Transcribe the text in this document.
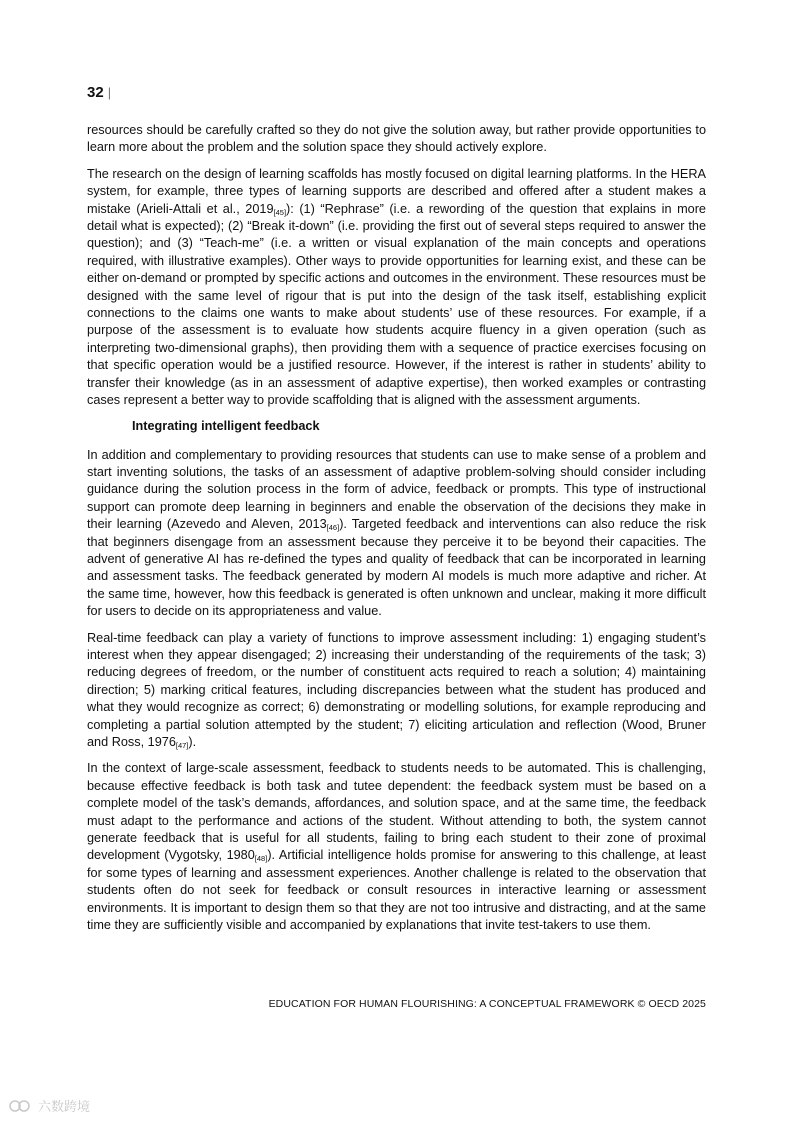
32 |

resources should be carefully crafted so they do not give the solution away, but rather provide opportunities to learn more about the problem and the solution space they should actively explore.

The research on the design of learning scaffolds has mostly focused on digital learning platforms. In the HERA system, for example, three types of learning supports are described and offered after a student makes a mistake (Arieli-Attali et al., $2019_{[45]}$): (1) “Rephrase” (i.e. a rewording of the question that explains in more detail what is expected); (2) “Break it-down” (i.e. providing the first out of several steps required to answer the question); and (3) “Teach-me” (i.e. a written or visual explanation of the main concepts and operations required, with illustrative examples). Other ways to provide opportunities for learning exist, and these can be either on-demand or prompted by specific actions and outcomes in the environment. These resources must be designed with the same level of rigour that is put into the design of the task itself, establishing explicit connections to the claims one wants to make about students’ use of these resources. For example, if a purpose of the assessment is to evaluate how students acquire fluency in a given operation (such as interpreting two-dimensional graphs), then providing them with a sequence of practice exercises focusing on that specific operation would be a justified resource. However, if the interest is rather in students’ ability to transfer their knowledge (as in an assessment of adaptive expertise), then worked examples or contrasting cases represent a better way to provide scaffolding that is aligned with the assessment arguments.

Integrating intelligent feedback

In addition and complementary to providing resources that students can use to make sense of a problem and start inventing solutions, the tasks of an assessment of adaptive problem-solving should consider including guidance during the solution process in the form of advice, feedback or prompts. This type of instructional support can promote deep learning in beginners and enable the observation of the decisions they make in their learning (Azevedo and Aleven, $2013_{[46]}$). Targeted feedback and interventions can also reduce the risk that beginners disengage from an assessment because they perceive it to be beyond their capacities. The advent of generative AI has re-defined the types and quality of feedback that can be incorporated in learning and assessment tasks. The feedback generated by modern AI models is much more adaptive and richer. At the same time, however, how this feedback is generated is often unknown and unclear, making it more difficult for users to decide on its appropriateness and value.

Real-time feedback can play a variety of functions to improve assessment including: 1) engaging student’s interest when they appear disengaged; 2) increasing their understanding of the requirements of the task; 3) reducing degrees of freedom, or the number of constituent acts required to reach a solution; 4) maintaining direction; 5) marking critical features, including discrepancies between what the student has produced and what they would recognize as correct; 6) demonstrating or modelling solutions, for example reproducing and completing a partial solution attempted by the student; 7) eliciting articulation and reflection (Wood, Bruner and Ross, $1976_{[47]}$).

In the context of large-scale assessment, feedback to students needs to be automated. This is challenging, because effective feedback is both task and tutee dependent: the feedback system must be based on a complete model of the task’s demands, affordances, and solution space, and at the same time, the feedback must adapt to the performance and actions of the student. Without attending to both, the system cannot generate feedback that is useful for all students, failing to bring each student to their zone of proximal development (Vygotsky, $1980_{[48]}$). Artificial intelligence holds promise for answering to this challenge, at least for some types of learning and assessment experiences. Another challenge is related to the observation that students often do not seek for feedback or consult resources in interactive learning or assessment environments. It is important to design them so that they are not too intrusive and distracting, and at the same time they are sufficiently visible and accompanied by explanations that invite test-takers to use them.

EDUCATION FOR HUMAN FLOURISHING: A CONCEPTUAL FRAMEWORK © OECD 2025
六数跨境
